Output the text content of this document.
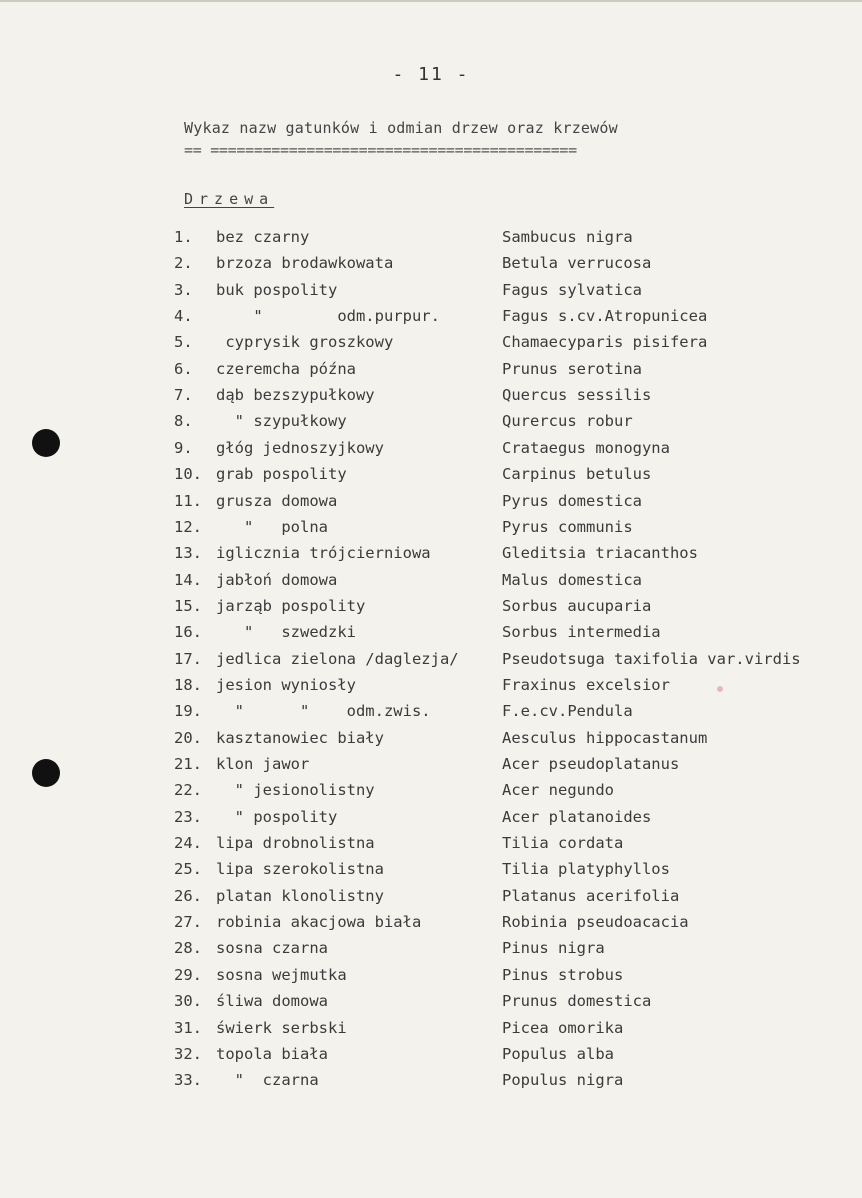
- 11 -
Wykaz nazw gatunków i odmian drzew oraz krzewów
== ==========================================
Drzewa
1.	bez czarny	Sambucus nigra
2.	brzoza brodawkowata	Betula verrucosa
3.	buk pospolity	Fagus sylvatica
4.	"        odm.purpur.	Fagus s.cv.Atropunicea
5.	cyprysik groszkowy	Chamaecyparis pisifera
6.	czeremcha późna	Prunus serotina
7.	dąb bezszypułkowy	Quercus sessilis
8.	" szypułkowy	Qurercus robur
9.	głóg jednoszyjkowy	Crataegus monogyna
10. grab pospolity	Carpinus betulus
11. grusza domowa	Pyrus domestica
12. "   polna	Pyrus communis
13. iglicznia trójcierniowa	Gleditsia triacanthos
14. jabłoń domowa	Malus domestica
15. jarząb pospolity	Sorbus aucuparia
16. "   szwedzki	Sorbus intermedia
17. jedlica zielona /daglezja/	Pseudotsuga taxifolia var.virdis
18. jesion wyniosły	Fraxinus excelsior
19. "      "    odm.zwis.	F.e.cv.Pendula
20. kasztanowiec biały	Aesculus hippocastanum
21. klon jawor	Acer pseudoplatanus
22. " jesionolistny	Acer negundo
23. " pospolity	Acer platanoides
24. lipa drobnolistna	Tilia cordata
25. lipa szerokolistna	Tilia platyphyllos
26. platan klonolistny	Platanus acerifolia
27. robinia akacjowa biała	Robinia pseudoacacia
28. sosna czarna	Pinus nigra
29. sosna wejmutka	Pinus strobus
30. śliwa domowa	Prunus domestica
31. świerk serbski	Picea omorika
32. topola biała	Populus alba
33. "  czarna	Populus nigra
